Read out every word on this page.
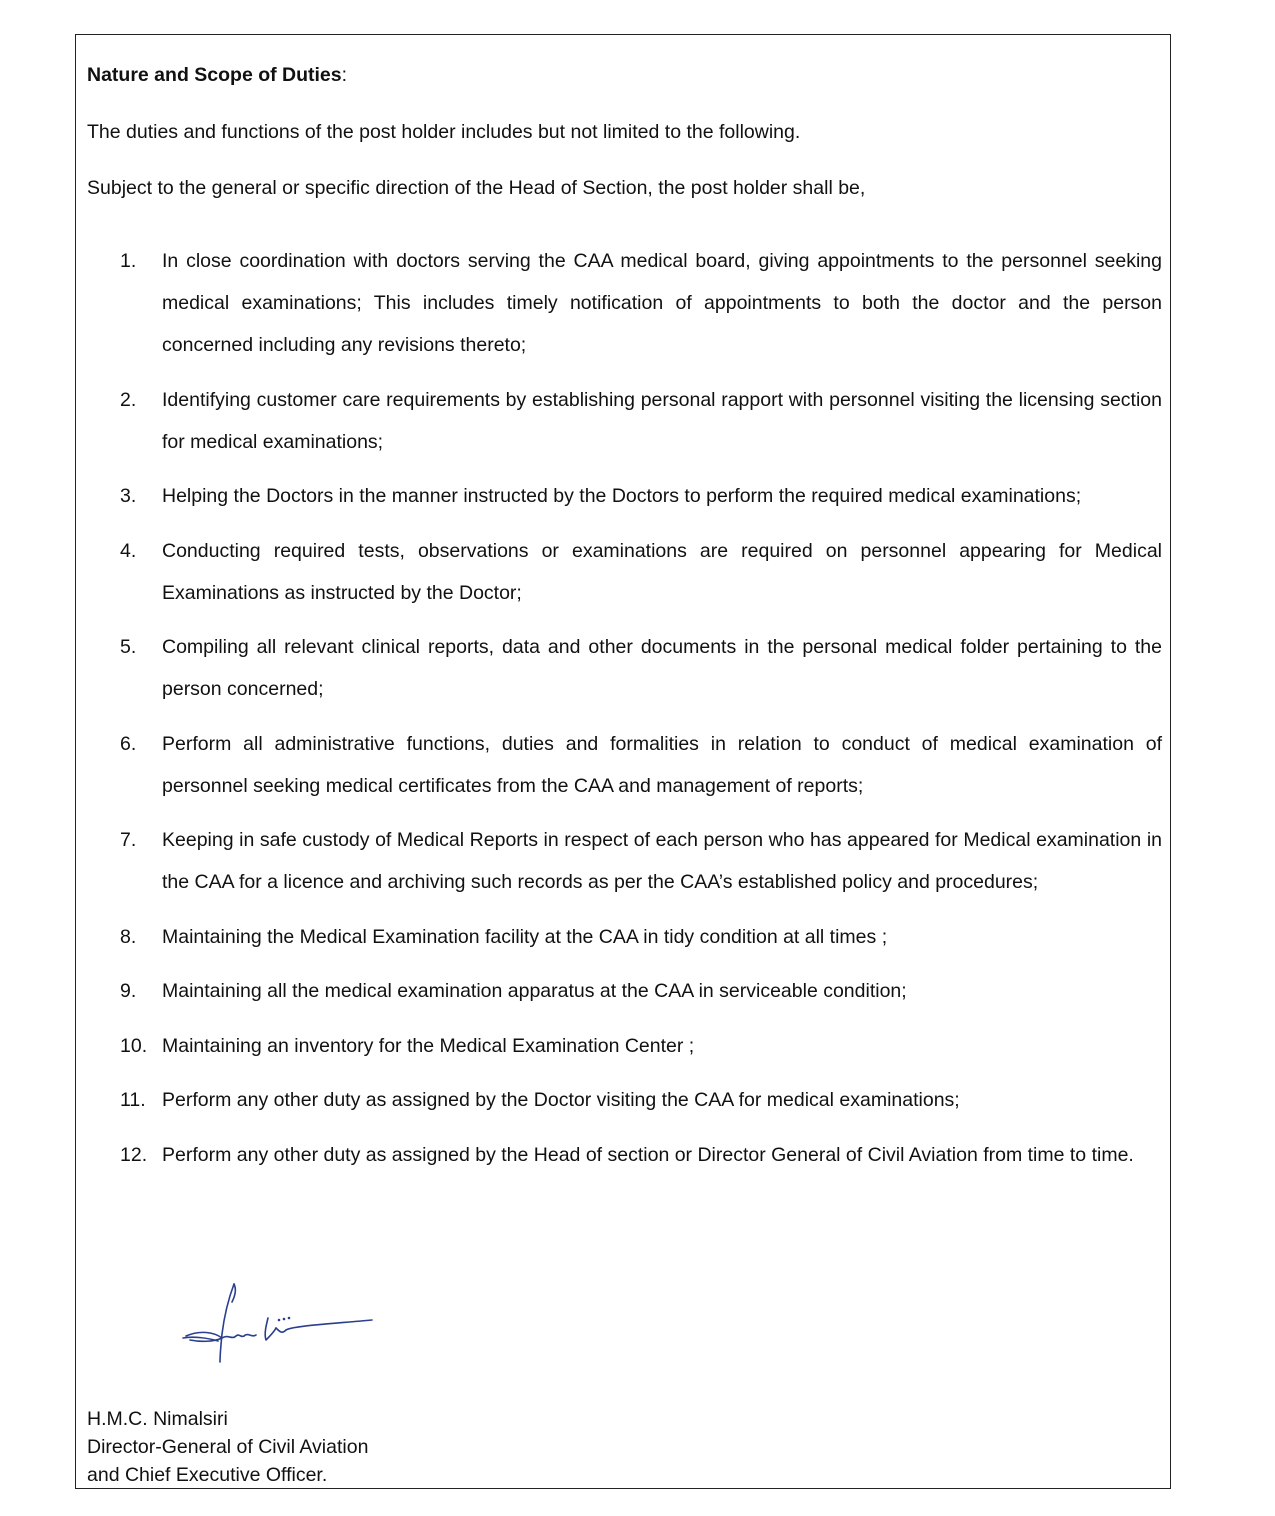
Nature and Scope of Duties:
The duties and functions of the post holder includes but not limited to the following.
Subject to the general or specific direction of the Head of Section, the post holder shall be,
1. In close coordination with doctors serving the CAA medical board, giving appointments to the personnel seeking medical examinations; This includes timely notification of appointments to both the doctor and the person concerned including any revisions thereto;
2. Identifying customer care requirements by establishing personal rapport with personnel visiting the licensing section for medical examinations;
3. Helping the Doctors in the manner instructed by the Doctors to perform the required medical examinations;
4. Conducting required tests, observations or examinations are required on personnel appearing for Medical Examinations as instructed by the Doctor;
5. Compiling all relevant clinical reports, data and other documents in the personal medical folder pertaining to the person concerned;
6. Perform all administrative functions, duties and formalities in relation to conduct of medical examination of personnel seeking medical certificates from the CAA and management of reports;
7. Keeping in safe custody of Medical Reports in respect of each person who has appeared for Medical examination in the CAA for a licence and archiving such records as per the CAA’s established policy and procedures;
8. Maintaining the Medical Examination facility at the CAA in tidy condition at all times ;
9. Maintaining all the medical examination apparatus at the CAA in serviceable condition;
10. Maintaining an inventory for the Medical Examination Center ;
11. Perform any other duty as assigned by the Doctor visiting the CAA for medical examinations;
12. Perform any other duty as assigned by the Head of section or Director General of Civil Aviation from time to time.
H.M.C. Nimalsiri
Director-General of Civil Aviation
and Chief Executive Officer.
